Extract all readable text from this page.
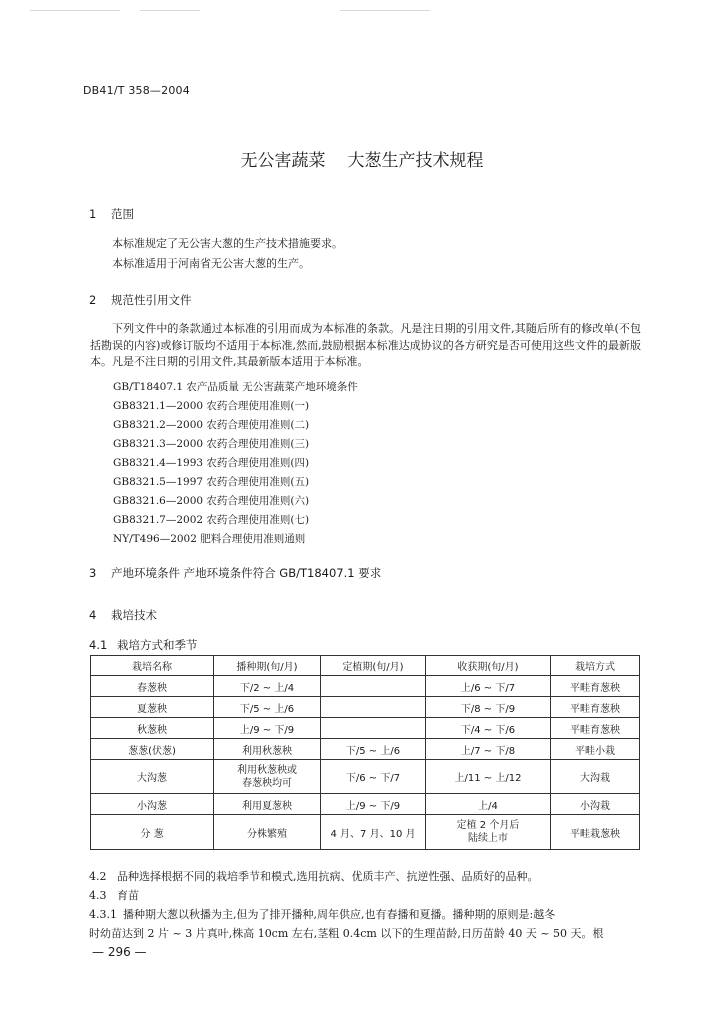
DB41/T 358—2004
无公害蔬菜 大葱生产技术规程
1 范围
本标准规定了无公害大葱的生产技术措施要求。
本标准适用于河南省无公害大葱的生产。
2 规范性引用文件
下列文件中的条款通过本标准的引用而成为本标准的条款。凡是注日期的引用文件,其随后所有的修改单(不包括勘误的内容)或修订版均不适用于本标准,然而,鼓励根据本标准达成协议的各方研究是否可使用这些文件的最新版本。凡是不注日期的引用文件,其最新版本适用于本标准。
GB/T18407.1 农产品质量 无公害蔬菜产地环境条件
GB8321.1—2000 农药合理使用准则(一)
GB8321.2—2000 农药合理使用准则(二)
GB8321.3—2000 农药合理使用准则(三)
GB8321.4—1993 农药合理使用准则(四)
GB8321.5—1997 农药合理使用准则(五)
GB8321.6—2000 农药合理使用准则(六)
GB8321.7—2002 农药合理使用准则(七)
NY/T496—2002 肥料合理使用准则通则
3 产地环境条件 产地环境条件符合 GB/T18407.1 要求
4 栽培技术
4.1 栽培方式和季节
栽培名称	播种期(旬/月)	定植期(旬/月)	收获期(旬/月)	栽培方式
春葱秧	下/2 ~ 上/4		上/6 ~ 下/7	平畦育葱秧
夏葱秧	下/5 ~ 上/6		下/8 ~ 下/9	平畦育葱秧
秋葱秧	上/9 ~ 下/9		下/4 ~ 下/6	平畦育葱秧
葱葱(伏葱)	利用秋葱秧	下/5 ~ 上/6	上/7 ~ 下/8	平畦小栽
大沟葱	利用秋葱秧或
春葱秧均可	下/6 ~ 下/7	上/11 ~ 上/12	大沟栽
小沟葱	利用夏葱秧	上/9 ~ 下/9	上/4	小沟栽
分 葱	分株繁殖	4 月、7 月、10 月	定植 2 个月后
陆续上市	平畦栽葱秧
4.2 品种选择根据不同的栽培季节和模式,选用抗病、优质丰产、抗逆性强、品质好的品种。
4.3 育苗
4.3.1 播种期大葱以秋播为主,但为了排开播种,周年供应,也有春播和夏播。播种期的原则是:越冬
时幼苗达到 2 片 ~ 3 片真叶,株高 10cm 左右,茎粗 0.4cm 以下的生理苗龄,日历苗龄 40 天 ~ 50 天。根
— 296 —
